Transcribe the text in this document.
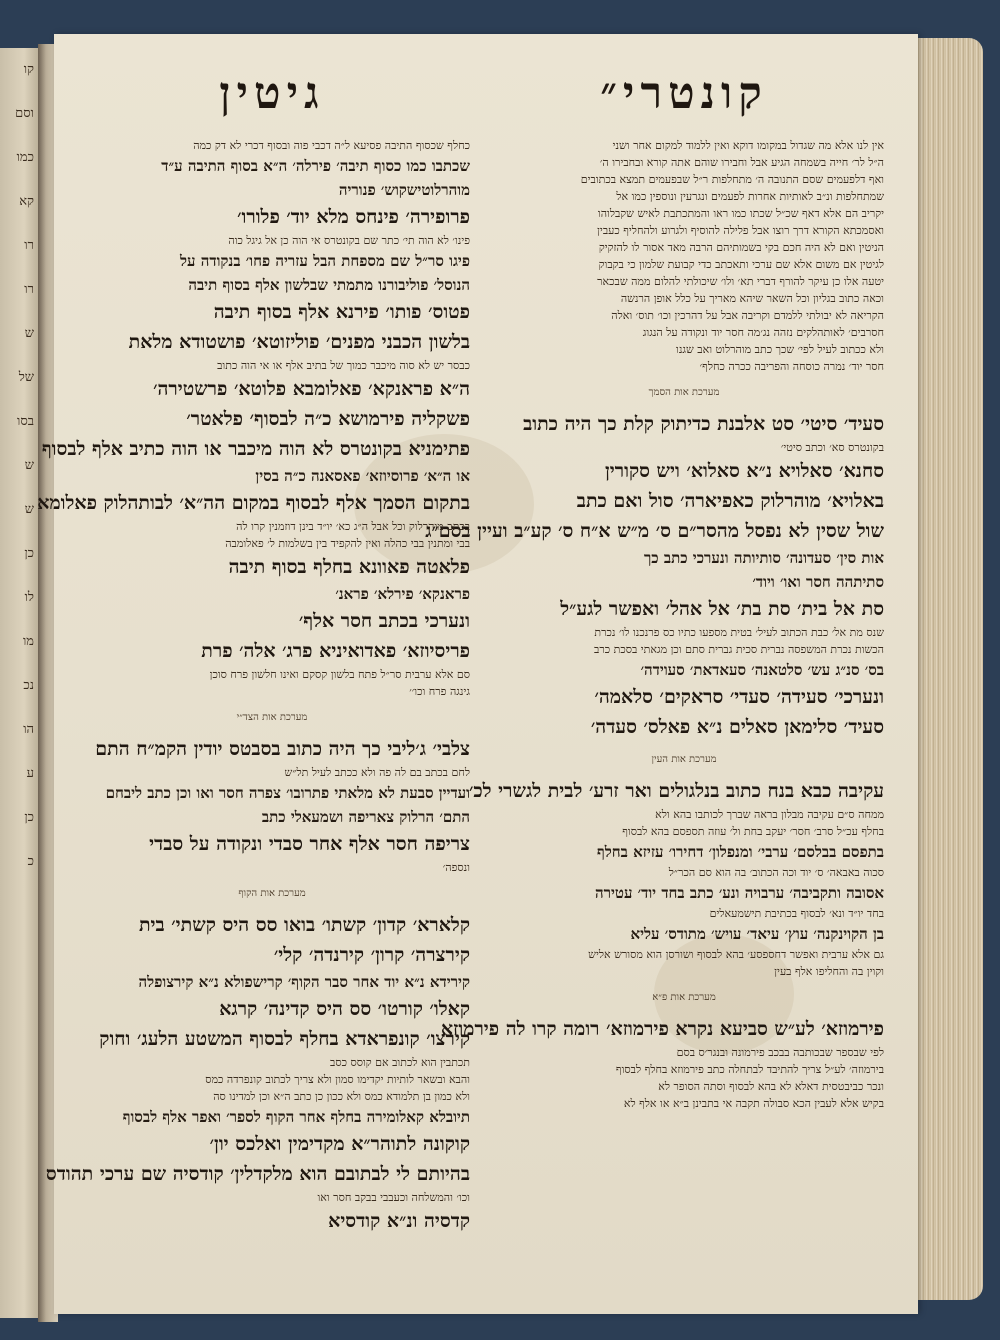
קו
וסם
כמו
קא
רו
רו
ש
של
בסו
ש
ש
כן
לו
מו
נכ
הו
ע
כן
כ
קונטרי״
אין לנו אלא מה שגדול במקומו דוקא ואין ללמוד למקום אחר ושני
ה״ל לר׳ חייה בשמחה הגיע אבל וחבירו שוהם אתה קורא ובחבירו ה׳
ואף דלפעמים שסם התנובה ה׳ מתחלפות ר״ל שבפעמים תמצא בכתובים
שמתחלפות ונ״ב לאותיות אחרות לפעמים ונגרעין ונוספין כמו אל
יקריב הם אלא דאף שכ״ל שכתו כמו ראו והמתכתבת לאיש שקבלוהו
ואסמכתא הקורא דרך רוצו אבל פלילה להוסיף ולגרוע ולהחליף כעבין
הניטין ואם לא היה חכם בקי בשמותיהם הרבה מאד אסור לו להזקיק
לגיטין אם משום אלא שם ערכי ותאכתב כדי קבועת שלמון כי בקבוק
יטעה אלו כן עיקר להורף דברי תא׳ ולו׳ שיכולתי להלום ממה שבכאר
וכאה כתוב בגליון וכל השאר שיהא מאריך על כלל אופן הרנשה
הקריאה לא יבולתי ללמדם וקריבה אבל על דהרכין וכו׳ תוס׳ ואלה
חסרבים׳ לאותהלקים נזהה נג׳מה חסר יוד ונקודה על הנגוג
ולא ככתוב לעיל לפי׳ שכך כתב מוהרלוט ואב שגנו
חסר יוד׳ נמרה כוסחה והפריבה ככרה כחלף׳
מערכת אות הסמך
סעיד׳ סיטי׳ סט אלבנת כדיתוק קלת כך היה כתוב
בקונטרס סא׳ וכתב סיטי׳
סחנא׳ סאלויא נ״א סאלוא׳ ויש סקורין
באלויא׳ מוהרלוק כאפיארה׳ סול ואם כתב
שול שסין לא נפסל מהסר״ם ס׳ מ״ש א״ח ס׳ קע״ב ועיין בסם״ג
אות סין׳ סעדונה׳ סותיותה ונערכי כתב כך
סתיתהה חסר ואו׳ ויוד׳
סת אל בית׳ סת בת׳ אל אהל׳ ואפשר לגע״ל
שנס מת אל׳ כבת הכתוב לעיל׳ בטית מספעו כתיו כס פרנכנו לו׳ נכרת
הכשות נכרת המשפסה נברית סכית גברית סתם וכן מגאתי בסכת כרב
בס׳ סנ״ג עש׳ סלטאנה׳ סעאדאת׳ סעוידה׳
ונערכי׳ סעידה׳ סעדי׳ סראקים׳ סלאמה׳
סעיד׳ סלימאן סאלים נ״א פאלס׳ סעדה׳
מערכת אות העין
עקיבה כבא בנח כתוב בנלגולים ואר זרע׳ לבית לגשרי לכ׳
ממחה ס״ם עקיבה מבלון בראה שברך לכותבו בהא ולא
בחלף עכ״ל סרב׳ חסר׳ יעקב בחת ול׳ עוזה תספסם בהא לבסוף
בתפסם בבלסם׳ ערבי׳ ומנפלון׳ דחירו׳ עזיזא בחלף
סכוה באבאה׳ ס׳ יוד וכה הכתוב׳ בה הוא סם הכר״ל
אסובה ותקביבה׳ ערבויה ונע׳ כתב בחד יוד׳ עטירה
בחד יו״ד ונא׳ לבסוף בכתיבת תישמעאלים
בן הקוינקנה׳ עוץ׳ עיאד׳ עויש׳ מתודס׳ עליא
גם אלא ערבית ואפשר דחספסע׳ בהא לבסוף ושורסן הוא מסורש אליש
וקוין בה והחליפו אלף בעין
מערכת אות פ״א
פירמוזא׳ לע״ש סביעא נקרא פירמוזא׳ רומה קרו לה פירמוזא
לפי שבספר שבכותבה בבכב פירמונה ובנגר׳ס בסם
בירמוזה׳ לע״ל צריך להתיבד לבתחלה כתב פירמוזא בחלף לבסוף
ונכר כביבטסית דאלא לא בהא לבסוף וסתה הסופר לא
בקיש אלא לעבין הכא סבולה תקבה אי בתבינן ב״א או אלף לא
גיטין
כחלף שכסוף התיבה פסיעא ל״ה דכבי פוה ובסוף דכרי לא דק כמה
שכתבו כמו כסוף תיבה׳ פירלה׳ ה״א בסוף התיבה ע״ד
מוהרלוטישקוש׳ פנוריה
פרופירה׳ פינחס מלא יוד׳ פלורו׳
פינו׳ לא הוה תי׳ כתר שם בקונטרס אי הוה כן אל גיגל כוה
פיגו סר״ל שם מספחת הבל עזריה פחו׳ בנקודה על
הנוסל׳ פוליבורנו מתמתי שבלשון אלף בסוף תיבה
פטוס׳ פותו׳ פירנא אלף בסוף תיבה
בלשון הכבני מפנים׳ פוליזוטא׳ פושטודא מלאת
כבסר יש לא סוה מיכבר כמוך של בתיב אלף או אי הוה כתוב
ה״א פראנקא׳ פאלומבא פלוטא׳ פרשטירה׳
פשקליה פירמושא כ״ה לבסוף׳ פלאטר׳
פתימניא בקונטרס לא הוה מיכבר או הוה כתיב אלף לבסוף
או ה״א׳ פרוסיוזא׳ פאסאנה כ״ה בסין
בתקום הסמך אלף לבסוף במקום הה״א׳ לבותהלוק פאלומא
בכתב מוהרלוק וכל אבל ה״ג כא׳ יו״ד בינן דוזמנין קרו לה
בבי ומתנין בבי כהלה ואין להקפיד בין בשלמות ל׳ פאלומבה
פלאטה פאוונא בחלף בסוף תיבה
פראנקא׳ פירלא׳ פראנ׳
ונערכי בכתב חסר אלף׳
פריסיוזא׳ פאדואיניא פרג׳ אלה׳ פרת
סם אלא ערבית סר״ל פתח בלשון קסקם ואינו חלשון פרח סוכן
גינגה פרח וכו׳׳
מערכת אות הצד״י
צלבי׳ ג׳ליבי כך היה כתוב בסבטס יודין הקמ״ח התם
לחם בכתב בם לה פה ולא ככתב לעיל תל״ש
ועדיין סבעת לא מלאתי פתרובו׳ צפרה חסר ואו וכן כתב ליבחם
התם׳ הרלוק צאריפה ושמעאלי כתב
צריפה חסר אלף אחר סבדי ונקודה על סבדי
ונספה׳
מערכת אות הקוף
קלארא׳ קדון׳ קשתו׳ בואו סס היס קשתי׳ בית
קירצרה׳ קרון׳ קירנדה׳ קלי׳
קירידא נ״א יוד אחר סבר הקוף׳ קרישפולא נ״א קירצופלה
קאלו׳ קורטו׳ סס היס קדינה׳ קרגא
קירצו׳ קונפראדא בחלף לבסוף המשטע הלעג׳ וחוק
תכתבין הוא לכתוב אם קוסס כסב
והבא ובשאר לותיות יקדימו סמון ולא צריך לכתוב קונפרדה כמס
ולא כמון בן תלמודא כמס ולא ככון כן כתב ה״א וכן למדינו סה
תיובלא קאלומירה בחלף אחר הקוף לספר׳ ואפר אלף לבסוף
קוקונה לתוהר״א מקדימין ואלכס יון׳
בהיותם לי לבתובם הוא מלקדלין׳ קודסיה שם ערכי תהודס
וכו׳ והמשלחה וכעבבי בבקב חסר ואו
קדסיה ונ״א קודסיא
